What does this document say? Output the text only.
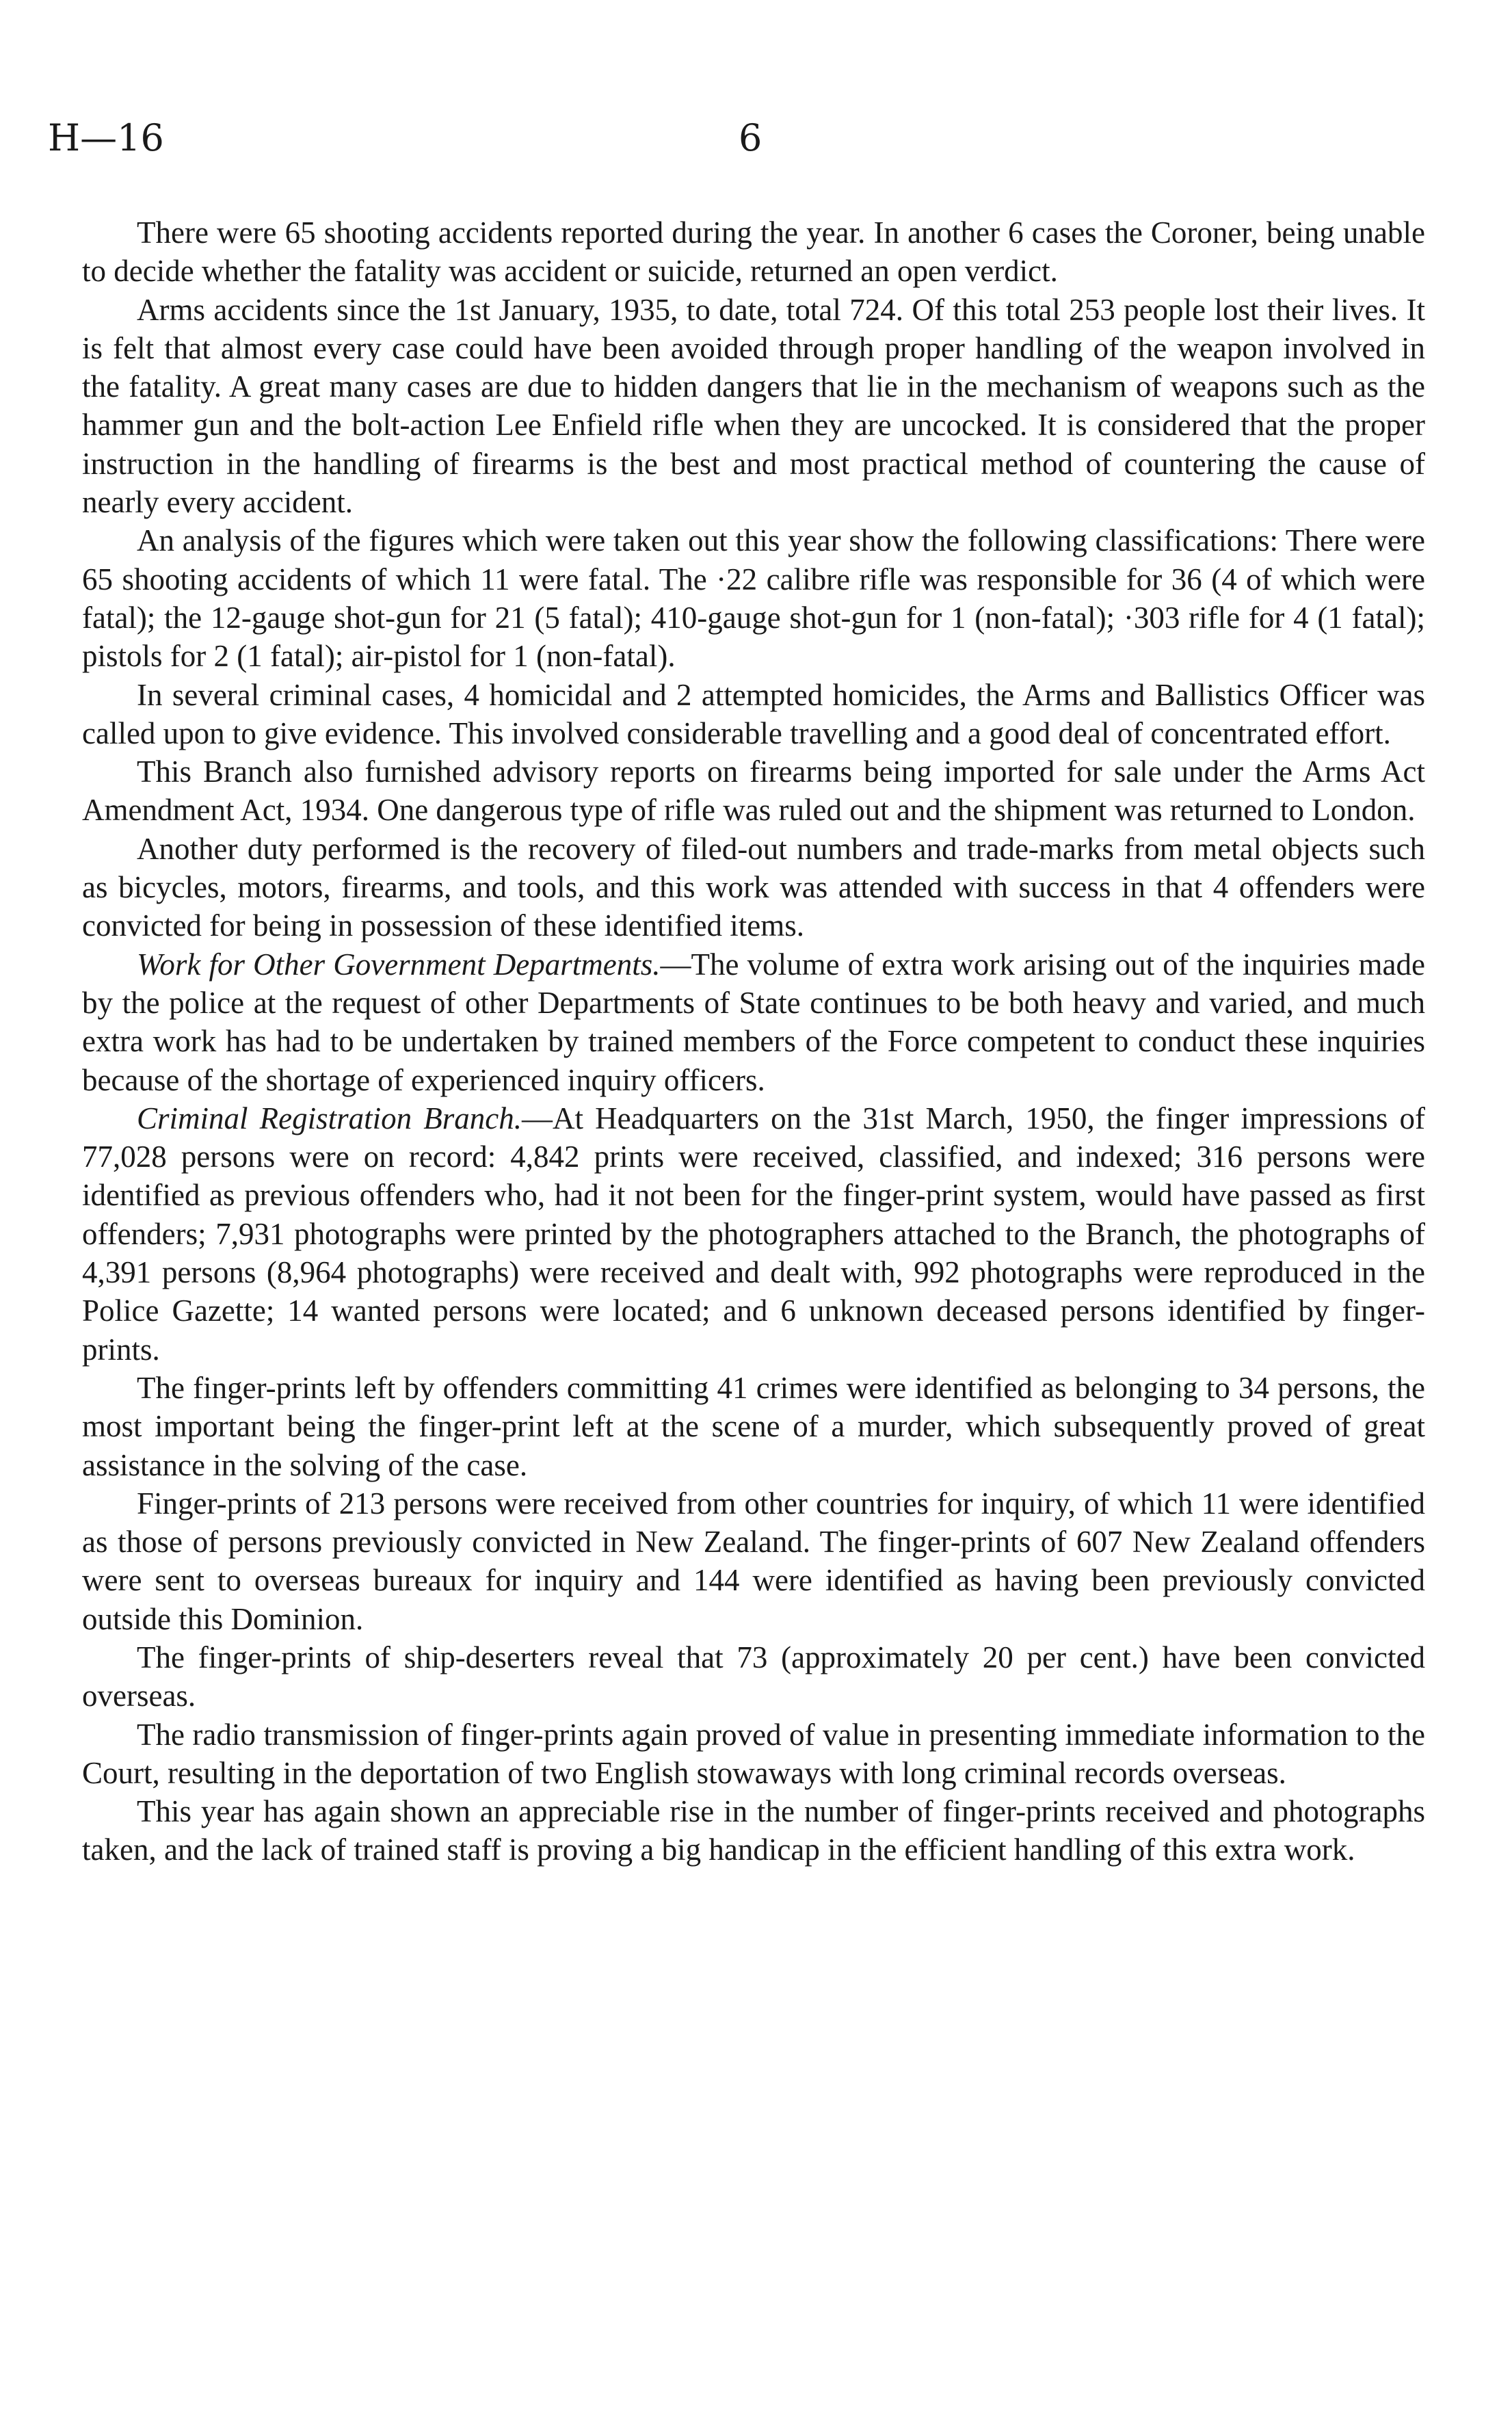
H—16	6

There were 65 shooting accidents reported during the year. In another 6 cases the Coroner, being unable to decide whether the fatality was accident or suicide, returned an open verdict.

Arms accidents since the 1st January, 1935, to date, total 724. Of this total 253 people lost their lives. It is felt that almost every case could have been avoided through proper handling of the weapon involved in the fatality. A great many cases are due to hidden dangers that lie in the mechanism of weapons such as the hammer gun and the bolt-action Lee Enfield rifle when they are uncocked. It is considered that the proper instruction in the handling of firearms is the best and most practical method of countering the cause of nearly every accident.

An analysis of the figures which were taken out this year show the following classifications: There were 65 shooting accidents of which 11 were fatal. The ·22 calibre rifle was responsible for 36 (4 of which were fatal); the 12-gauge shot-gun for 21 (5 fatal); 410-gauge shot-gun for 1 (non-fatal); ·303 rifle for 4 (1 fatal); pistols for 2 (1 fatal); air-pistol for 1 (non-fatal).

In several criminal cases, 4 homicidal and 2 attempted homicides, the Arms and Ballistics Officer was called upon to give evidence. This involved considerable travelling and a good deal of concentrated effort.

This Branch also furnished advisory reports on firearms being imported for sale under the Arms Act Amendment Act, 1934. One dangerous type of rifle was ruled out and the shipment was returned to London.

Another duty performed is the recovery of filed-out numbers and trade-marks from metal objects such as bicycles, motors, firearms, and tools, and this work was attended with success in that 4 offenders were convicted for being in possession of these identified items.

Work for Other Government Departments.—The volume of extra work arising out of the inquiries made by the police at the request of other Departments of State continues to be both heavy and varied, and much extra work has had to be undertaken by trained members of the Force competent to conduct these inquiries because of the shortage of experienced inquiry officers.

Criminal Registration Branch.—At Headquarters on the 31st March, 1950, the finger impressions of 77,028 persons were on record: 4,842 prints were received, classified, and indexed; 316 persons were identified as previous offenders who, had it not been for the finger-print system, would have passed as first offenders; 7,931 photographs were printed by the photographers attached to the Branch, the photographs of 4,391 persons (8,964 photographs) were received and dealt with, 992 photographs were reproduced in the Police Gazette; 14 wanted persons were located; and 6 unknown deceased persons identified by finger-prints.

The finger-prints left by offenders committing 41 crimes were identified as belonging to 34 persons, the most important being the finger-print left at the scene of a murder, which subsequently proved of great assistance in the solving of the case.

Finger-prints of 213 persons were received from other countries for inquiry, of which 11 were identified as those of persons previously convicted in New Zealand. The finger-prints of 607 New Zealand offenders were sent to overseas bureaux for inquiry and 144 were identified as having been previously convicted outside this Dominion.

The finger-prints of ship-deserters reveal that 73 (approximately 20 per cent.) have been convicted overseas.

The radio transmission of finger-prints again proved of value in presenting immediate information to the Court, resulting in the deportation of two English stowaways with long criminal records overseas.

This year has again shown an appreciable rise in the number of finger-prints received and photographs taken, and the lack of trained staff is proving a big handicap in the efficient handling of this extra work.
